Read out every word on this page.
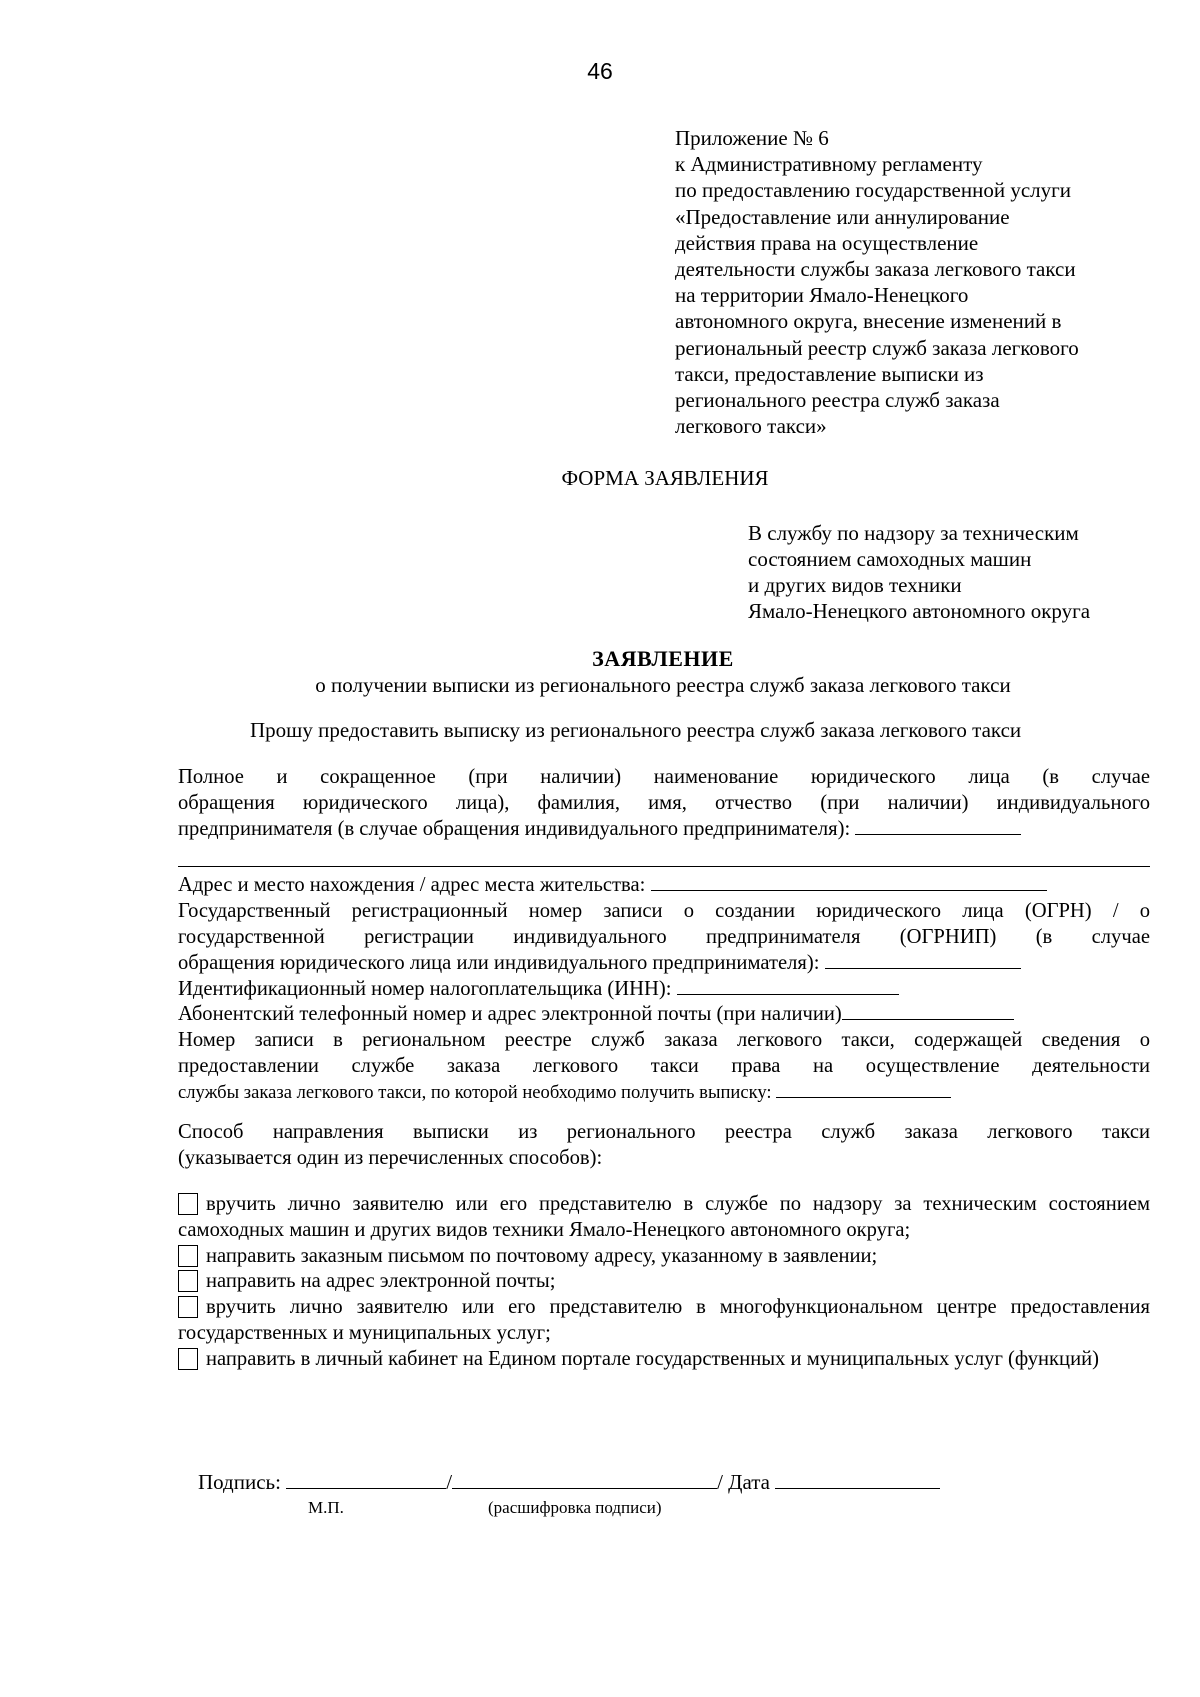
46
Приложение № 6
к Административному регламенту
по предоставлению государственной услуги
«Предоставление или аннулирование
действия права на осуществление
деятельности службы заказа легкового такси
на территории Ямало-Ненецкого
автономного округа, внесение изменений в
региональный реестр служб заказа легкового
такси, предоставление выписки из
регионального реестра служб заказа
легкового такси»
ФОРМА ЗАЯВЛЕНИЯ
В службу по надзору за техническим
состоянием самоходных машин
и других видов техники
Ямало-Ненецкого автономного округа
ЗАЯВЛЕНИЕ
о получении выписки из регионального реестра служб заказа легкового такси
Прошу предоставить выписку из регионального реестра служб заказа легкового такси

Полное и сокращенное (при наличии) наименование юридического лица (в случае

обращения юридического лица), фамилия, имя, отчество (при наличии) индивидуального

предпринимателя (в случае обращения индивидуального предпринимателя):

Адрес и место нахождения / адрес места жительства:

Государственный регистрационный номер записи о создании юридического лица (ОГРН) / о

государственной регистрации индивидуального предпринимателя (ОГРНИП) (в случае

обращения юридического лица или индивидуального предпринимателя):

Идентификационный номер налогоплательщика (ИНН):

Абонентский телефонный номер и адрес электронной почты (при наличии)

Номер записи в региональном реестре служб заказа легкового такси, содержащей сведения о

предоставлении службе заказа легкового такси права на осуществление деятельности

службы заказа легкового такси, по которой необходимо получить выписку:

Способ направления выписки из регионального реестра служб заказа легкового такси
(указывается один из перечисленных способов):

вручить лично заявителю или его представителю в службе по надзору за техническим состоянием самоходных машин и других видов техники Ямало-Ненецкого автономного округа;

направить заказным письмом по почтовому адресу, указанному в заявлении;

направить на адрес электронной почты;

вручить лично заявителю или его представителю в многофункциональном центре предоставления государственных и муниципальных услуг;

направить в личный кабинет на Едином портале государственных и муниципальных услуг (функций)

Подпись:	/	/ Дата
М.П.	(расшифровка подписи)
